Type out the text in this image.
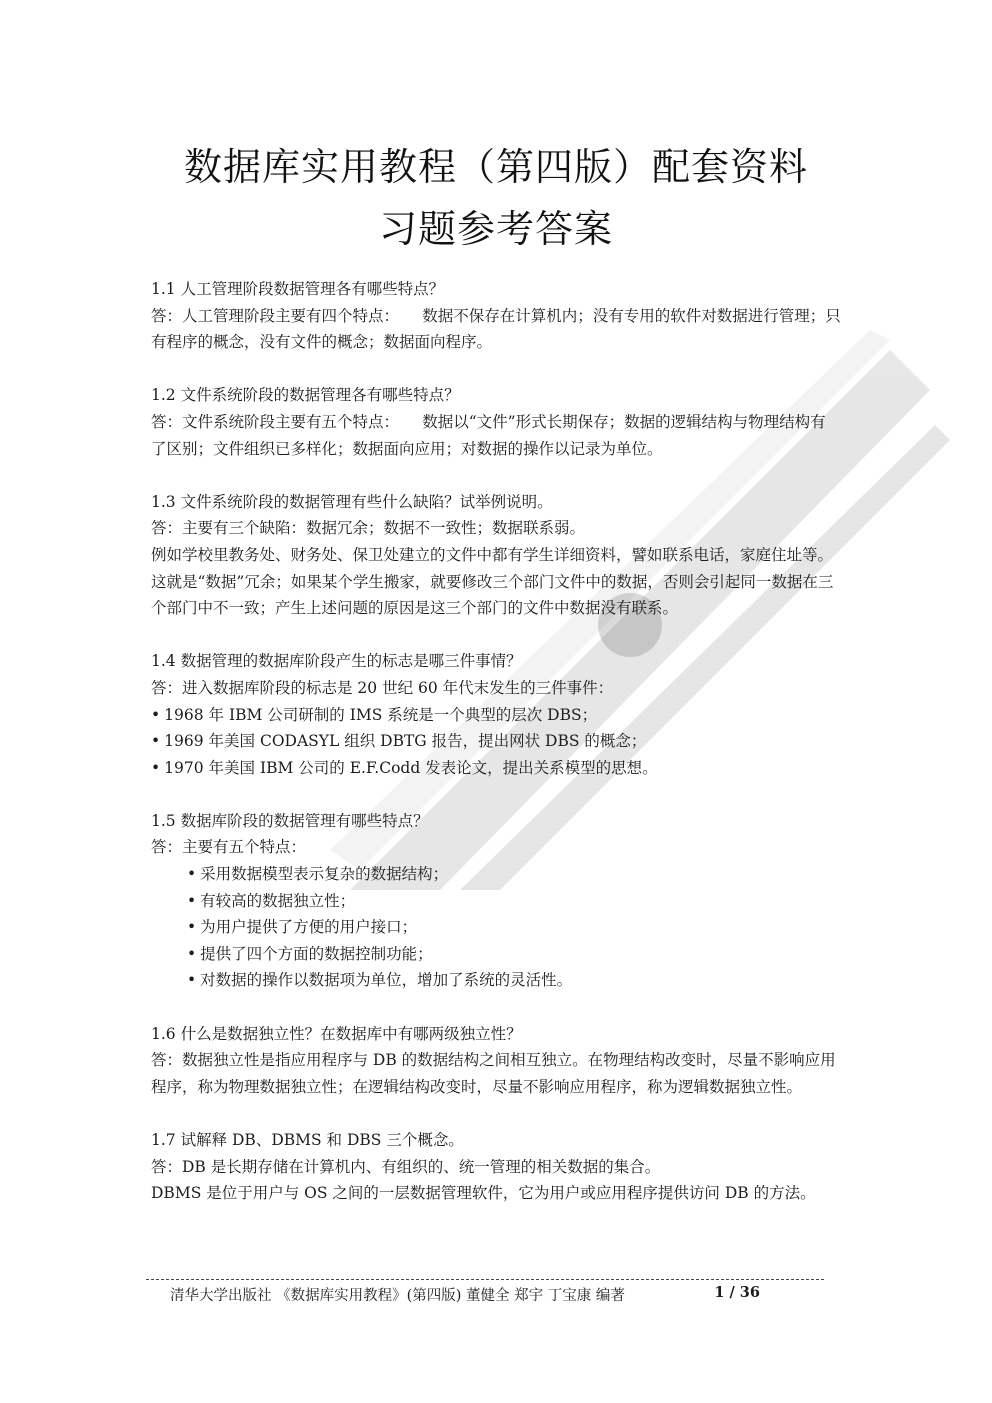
数据库实用教程（第四版）配套资料
习题参考答案

1.1 人工管理阶段数据管理各有哪些特点？

答：人工管理阶段主要有四个特点：　　数据不保存在计算机内；没有专用的软件对数据进行管理；只有程序的概念，没有文件的概念；数据面向程序。

1.2 文件系统阶段的数据管理各有哪些特点？

答：文件系统阶段主要有五个特点：　　数据以“文件”形式长期保存；数据的逻辑结构与物理结构有了区别；文件组织已多样化；数据面向应用；对数据的操作以记录为单位。

1.3 文件系统阶段的数据管理有些什么缺陷？试举例说明。

答：主要有三个缺陷：数据冗余；数据不一致性；数据联系弱。

例如学校里教务处、财务处、保卫处建立的文件中都有学生详细资料，譬如联系电话，家庭住址等。这就是“数据”冗余；如果某个学生搬家，就要修改三个部门文件中的数据，否则会引起同一数据在三个部门中不一致；产生上述问题的原因是这三个部门的文件中数据没有联系。

1.4 数据管理的数据库阶段产生的标志是哪三件事情？

答：进入数据库阶段的标志是 20 世纪 60 年代末发生的三件事件：

• 1968 年 IBM 公司研制的 IMS 系统是一个典型的层次 DBS；
• 1969 年美国 CODASYL 组织 DBTG 报告，提出网状 DBS 的概念；
• 1970 年美国 IBM 公司的 E.F.Codd 发表论文，提出关系模型的思想。

1.5 数据库阶段的数据管理有哪些特点？

答：主要有五个特点：

• 采用数据模型表示复杂的数据结构；
• 有较高的数据独立性；
• 为用户提供了方便的用户接口；
• 提供了四个方面的数据控制功能；
• 对数据的操作以数据项为单位，增加了系统的灵活性。

1.6 什么是数据独立性？在数据库中有哪两级独立性？

答：数据独立性是指应用程序与 DB 的数据结构之间相互独立。在物理结构改变时，尽量不影响应用程序，称为物理数据独立性；在逻辑结构改变时，尽量不影响应用程序，称为逻辑数据独立性。

1.7 试解释 DB、DBMS 和 DBS 三个概念。

答：DB 是长期存储在计算机内、有组织的、统一管理的相关数据的集合。

DBMS 是位于用户与 OS 之间的一层数据管理软件，它为用户或应用程序提供访问 DB 的方法。

清华大学出版社 《数据库实用教程》(第四版) 董健全 郑宇 丁宝康 编著	1 / 36
